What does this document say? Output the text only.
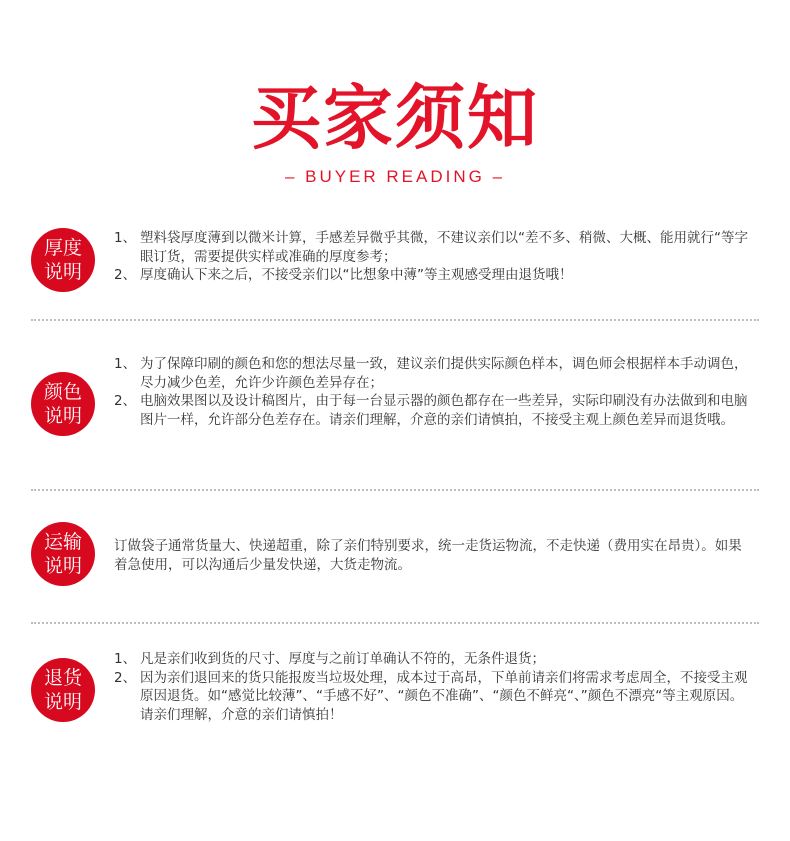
买家须知
– BUYER READING –
厚度
说明
1、 塑料袋厚度薄到以微米计算，手感差异微乎其微，不建议亲们以“差不多、稍微、大概、能用就行“等字眼订货，需要提供实样或准确的厚度参考；
2、 厚度确认下来之后，不接受亲们以“比想象中薄”等主观感受理由退货哦！
颜色
说明
1、 为了保障印刷的颜色和您的想法尽量一致，建议亲们提供实际颜色样本，调色师会根据样本手动调色，尽力减少色差，允许少许颜色差异存在；
2、 电脑效果图以及设计稿图片，由于每一台显示器的颜色都存在一些差异，实际印刷没有办法做到和电脑图片一样，允许部分色差存在。请亲们理解，介意的亲们请慎拍，不接受主观上颜色差异而退货哦。
运输
说明
订做袋子通常货量大、快递超重，除了亲们特别要求，统一走货运物流，不走快递（费用实在昂贵）。如果着急使用，可以沟通后少量发快递，大货走物流。
退货
说明
1、 凡是亲们收到货的尺寸、厚度与之前订单确认不符的，无条件退货；
2、 因为亲们退回来的货只能报废当垃圾处理，成本过于高昂，下单前请亲们将需求考虑周全，不接受主观原因退货。如“感觉比较薄”、“手感不好”、“颜色不准确”、“颜色不鲜亮“、”颜色不漂亮“等主观原因。请亲们理解，介意的亲们请慎拍！
